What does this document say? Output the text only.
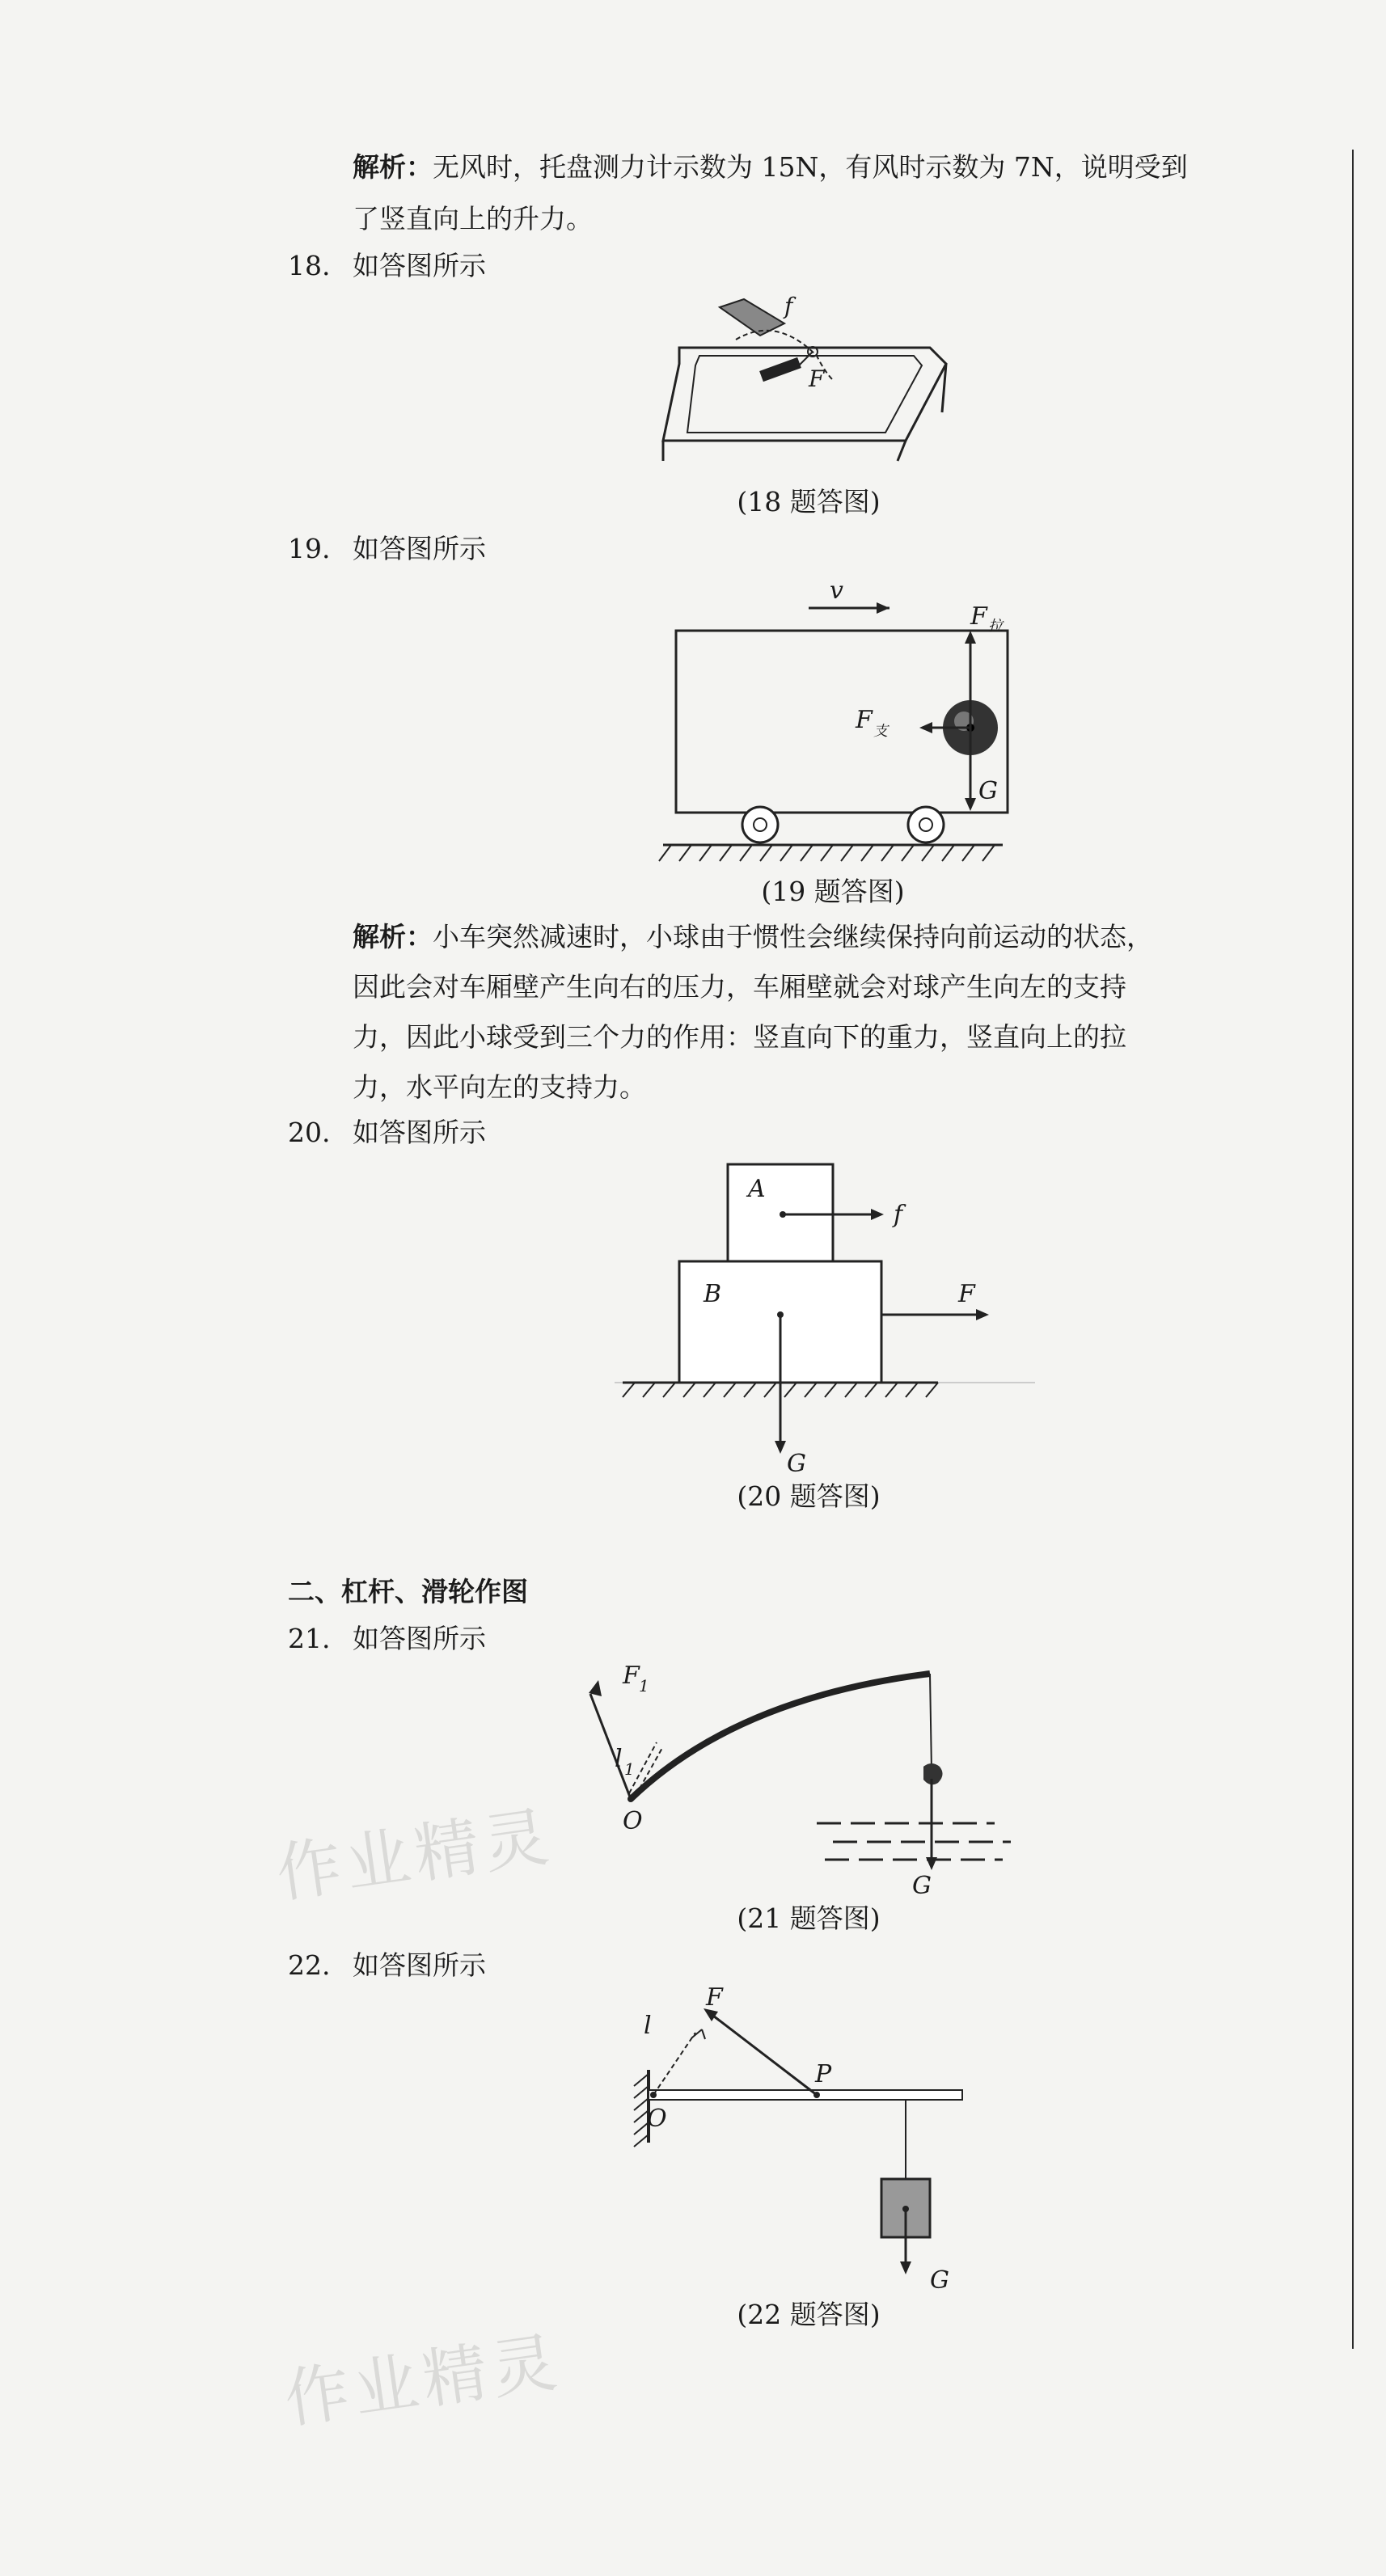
解析：无风时，托盘测力计示数为 15N，有风时示数为 7N，说明受到

了竖直向上的升力。

18. 如答图所示
f
F
(18 题答图)
19. 如答图所示
v
F 拉
F 支
G
(19 题答图)

解析：小车突然减速时，小球由于惯性会继续保持向前运动的状态，

因此会对车厢壁产生向右的压力，车厢壁就会对球产生向左的支持

力，因此小球受到三个力的作用：竖直向下的重力，竖直向上的拉

力，水平向左的支持力。

20. 如答图所示
A
B
f
F
G
(20 题答图)
二、杠杆、滑轮作图
21. 如答图所示
F 1
l 1
O
G
(21 题答图)
22. 如答图所示
F
l
P
O
G
(22 题答图)
作业精灵
作业精灵
